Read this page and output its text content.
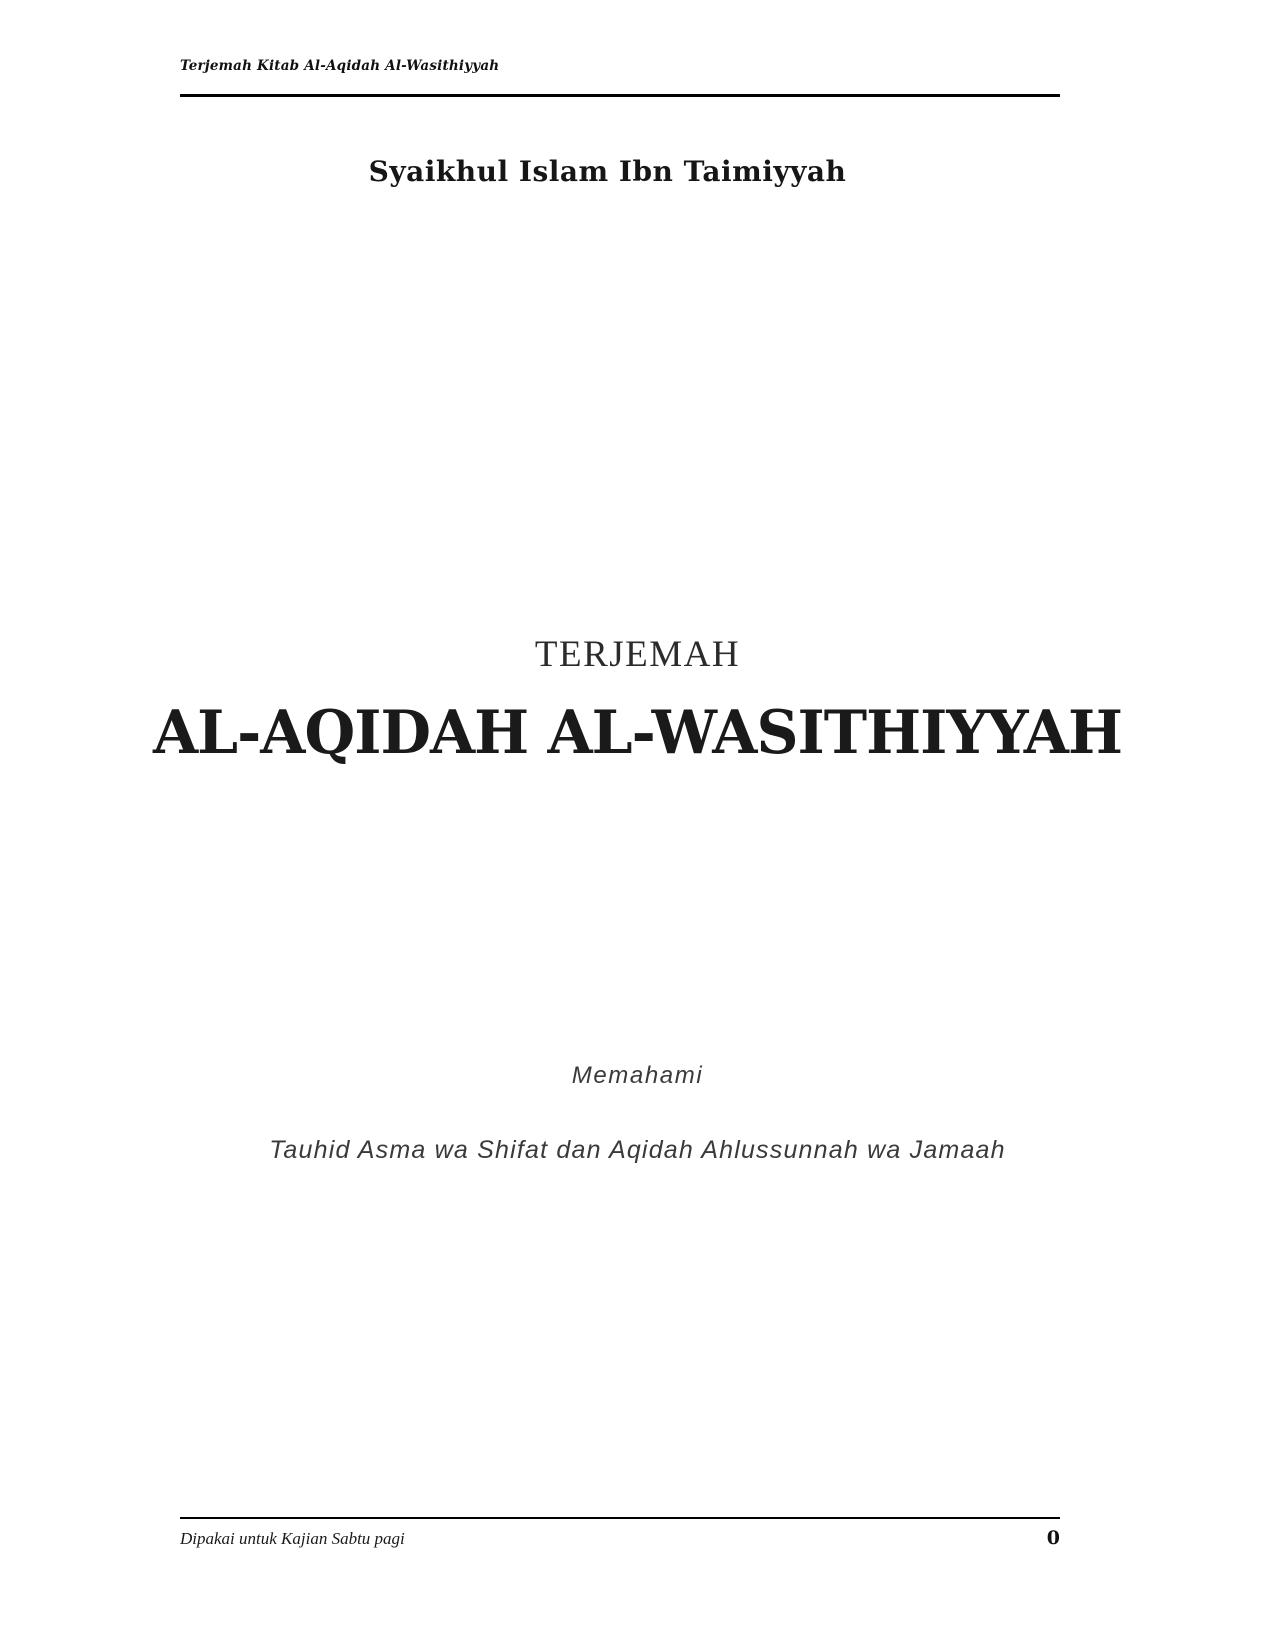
Terjemah Kitab Al-Aqidah Al-Wasithiyyah
Syaikhul Islam Ibn Taimiyyah
TERJEMAH
AL-AQIDAH AL-WASITHIYYAH
Memahami
Tauhid Asma wa Shifat dan Aqidah Ahlussunnah wa Jamaah
Dipakai untuk Kajian Sabtu pagi	0
